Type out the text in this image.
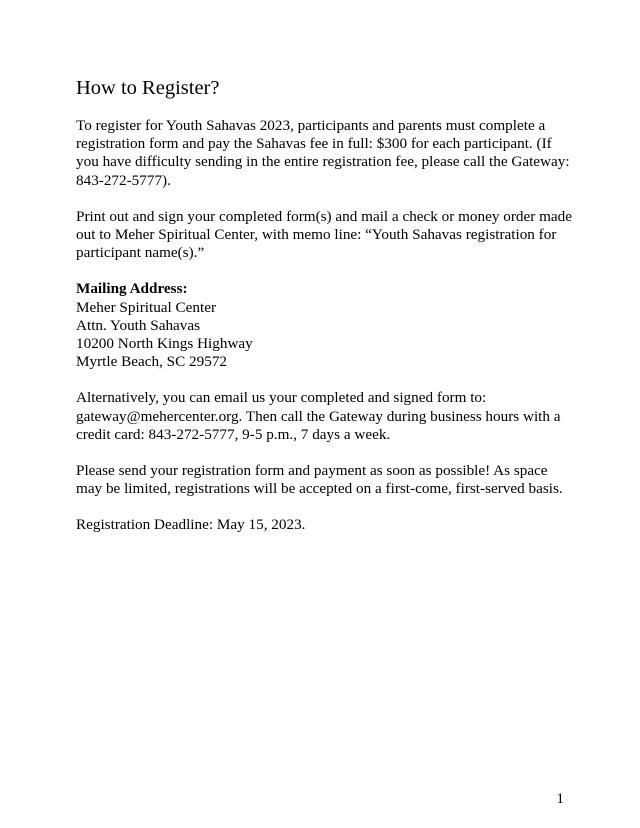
How to Register?

To register for Youth Sahavas 2023, participants and parents must complete a registration form and pay the Sahavas fee in full: $300 for each participant. (If you have difficulty sending in the entire registration fee, please call the Gateway: 843-272-5777).

Print out and sign your completed form(s) and mail a check or money order made out to Meher Spiritual Center, with memo line: “Youth Sahavas registration for participant name(s).”

Mailing Address:
Meher Spiritual Center
Attn. Youth Sahavas
10200 North Kings Highway
Myrtle Beach, SC 29572

Alternatively, you can email us your completed and signed form to: gateway@mehercenter.org. Then call the Gateway during business hours with a credit card: 843-272-5777, 9-5 p.m., 7 days a week.

Please send your registration form and payment as soon as possible! As space may be limited, registrations will be accepted on a first-come, first-served basis.

Registration Deadline: May 15, 2023.

1
